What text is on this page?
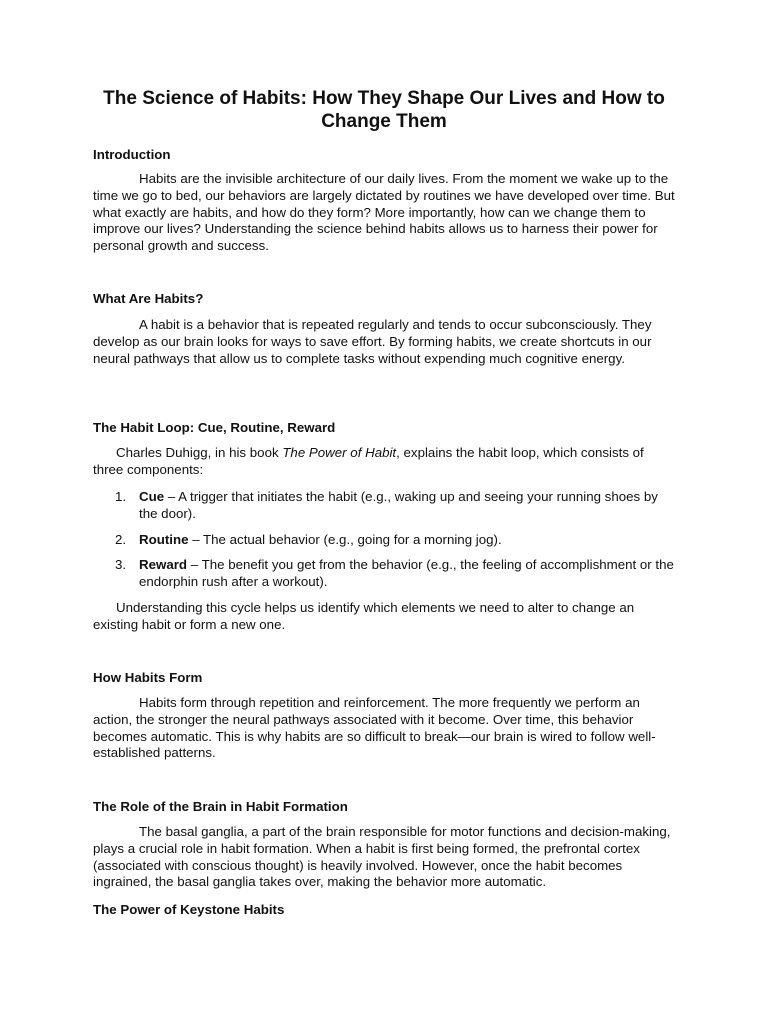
The Science of Habits: How They Shape Our Lives and How to Change Them
Introduction

Habits are the invisible architecture of our daily lives. From the moment we wake up to the time we go to bed, our behaviors are largely dictated by routines we have developed over time. But what exactly are habits, and how do they form? More importantly, how can we change them to improve our lives? Understanding the science behind habits allows us to harness their power for personal growth and success.

What Are Habits?

A habit is a behavior that is repeated regularly and tends to occur subconsciously. They develop as our brain looks for ways to save effort. By forming habits, we create shortcuts in our neural pathways that allow us to complete tasks without expending much cognitive energy.

The Habit Loop: Cue, Routine, Reward

Charles Duhigg, in his book The Power of Habit, explains the habit loop, which consists of three components:

1. Cue – A trigger that initiates the habit (e.g., waking up and seeing your running shoes by the door).
2. Routine – The actual behavior (e.g., going for a morning jog).
3. Reward – The benefit you get from the behavior (e.g., the feeling of accomplishment or the endorphin rush after a workout).

Understanding this cycle helps us identify which elements we need to alter to change an existing habit or form a new one.

How Habits Form

Habits form through repetition and reinforcement. The more frequently we perform an action, the stronger the neural pathways associated with it become. Over time, this behavior becomes automatic. This is why habits are so difficult to break—our brain is wired to follow well-established patterns.

The Role of the Brain in Habit Formation

The basal ganglia, a part of the brain responsible for motor functions and decision-making, plays a crucial role in habit formation. When a habit is first being formed, the prefrontal cortex (associated with conscious thought) is heavily involved. However, once the habit becomes ingrained, the basal ganglia takes over, making the behavior more automatic.

The Power of Keystone Habits
